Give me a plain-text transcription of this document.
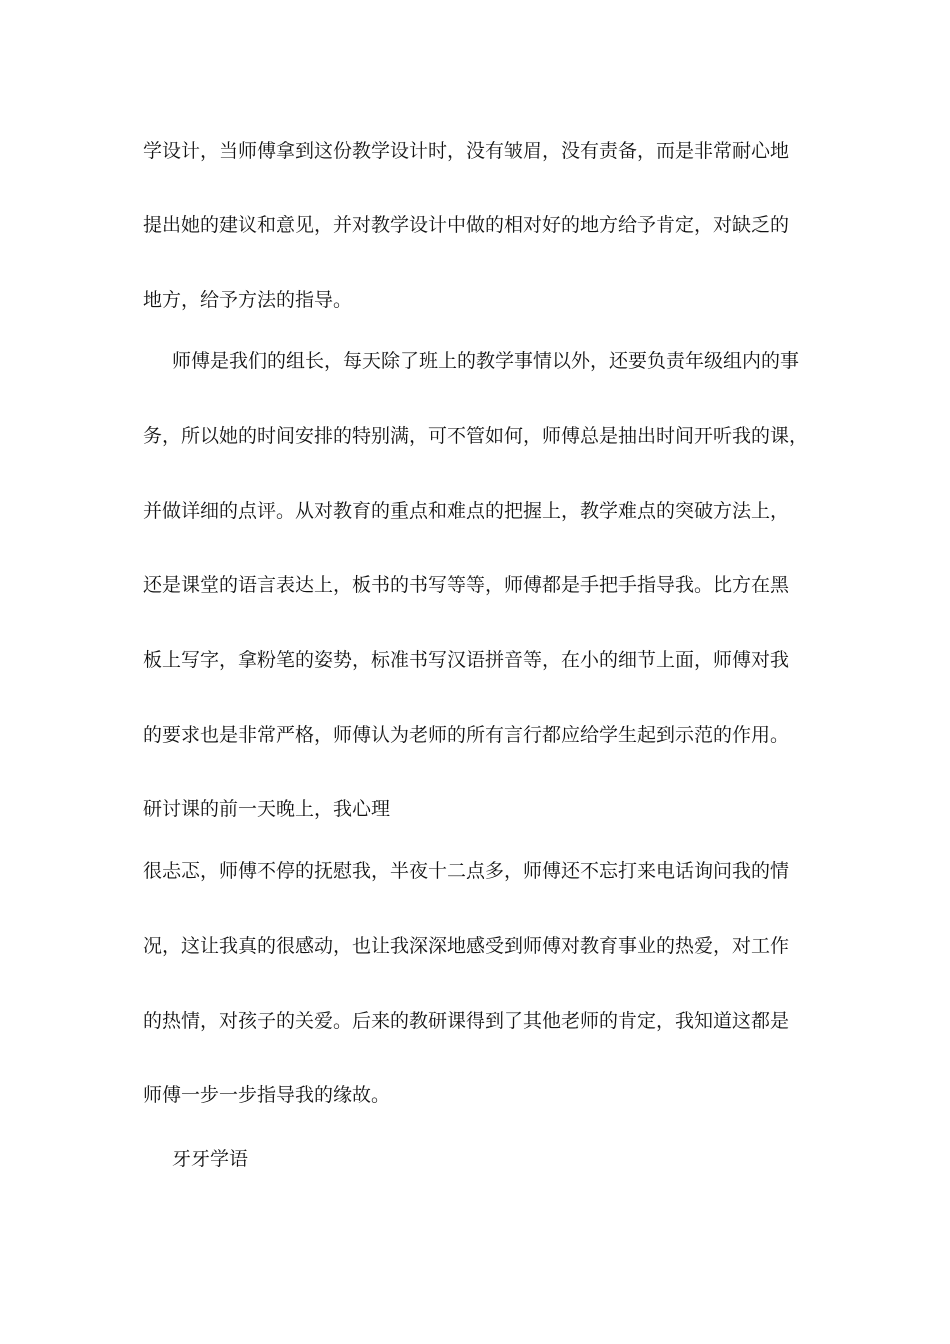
学设计，当师傅拿到这份教学设计时，没有皱眉，没有责备，而是非常耐心地
提出她的建议和意见，并对教学设计中做的相对好的地方给予肯定，对缺乏的
地方，给予方法的指导。
师傅是我们的组长，每天除了班上的教学事情以外，还要负责年级组内的事
务，所以她的时间安排的特别满，可不管如何，师傅总是抽出时间开听我的课，
并做详细的点评。从对教育的重点和难点的把握上，教学难点的突破方法上，
还是课堂的语言表达上，板书的书写等等，师傅都是手把手指导我。比方在黑
板上写字，拿粉笔的姿势，标准书写汉语拼音等，在小的细节上面，师傅对我
的要求也是非常严格，师傅认为老师的所有言行都应给学生起到示范的作用。
研讨课的前一天晚上，我心理
很忐忑，师傅不停的抚慰我，半夜十二点多，师傅还不忘打来电话询问我的情
况，这让我真的很感动，也让我深深地感受到师傅对教育事业的热爱，对工作
的热情，对孩子的关爱。后来的教研课得到了其他老师的肯定，我知道这都是
师傅一步一步指导我的缘故。
牙牙学语
